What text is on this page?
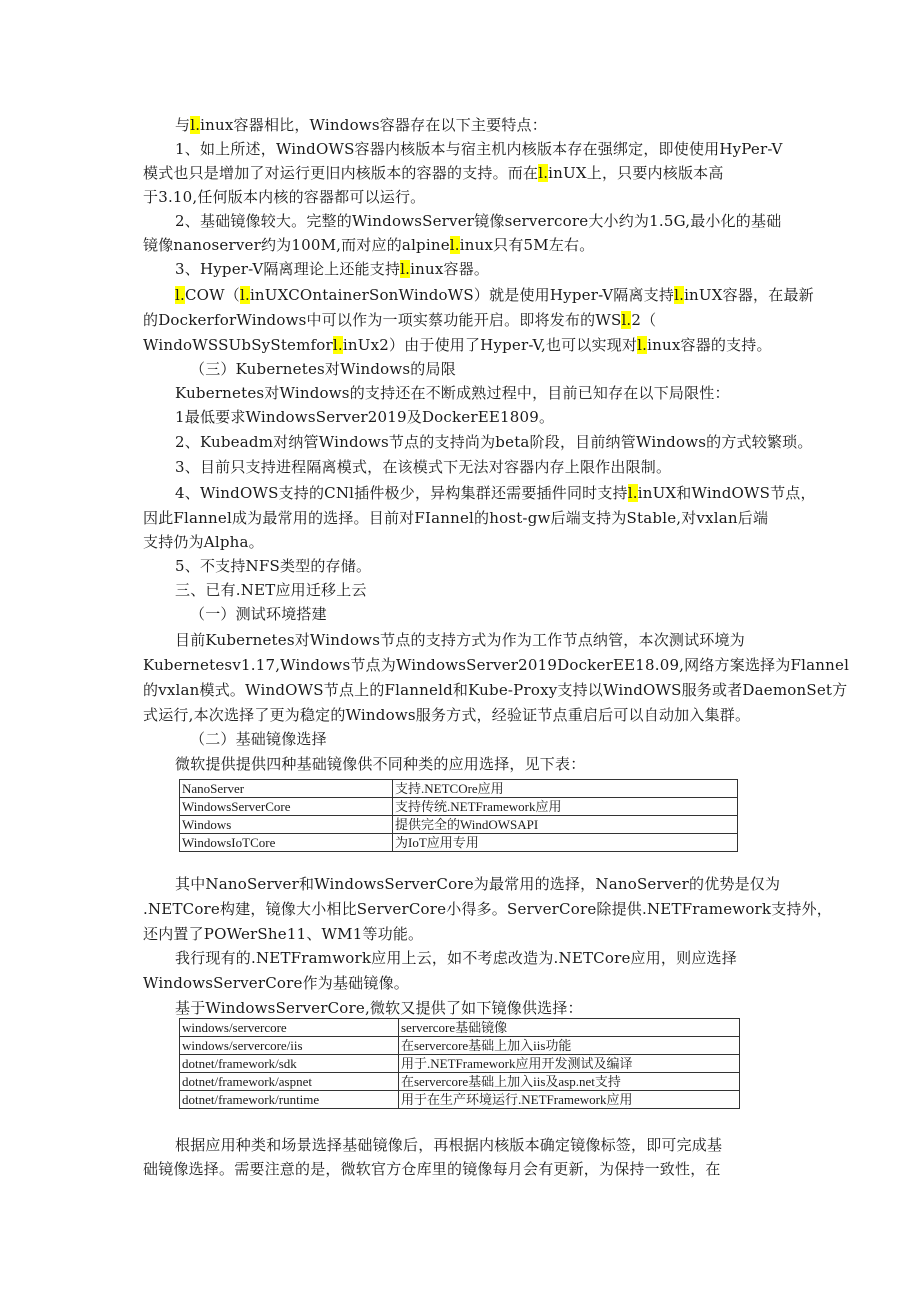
与l.inux容器相比，Windows容器存在以下主要特点：
1、如上所述，WindOWS容器内核版本与宿主机内核版本存在强绑定，即使使用HyPer-V
模式也只是增加了对运行更旧内核版本的容器的支持。而在l.inUX上，只要内核版本高
于3.10,任何版本内核的容器都可以运行。
2、基础镜像较大。完整的WindowsServer镜像servercore大小约为1.5G,最小化的基础
镜像nanoserver约为100M,而对应的alpinel.inux只有5M左右。
3、Hyper-V隔离理论上还能支持l.inux容器。
l.COW（l.inUXCOntainerSonWindoWS）就是使用Hyper-V隔离支持l.inUX容器，在最新
的DockerforWindows中可以作为一项实蔡功能开启。即将发布的WSl.2（
WindoWSSUbSyStemforl.inUx2）由于使用了Hyper-V,也可以实现对l.inux容器的支持。
（三）Kubernetes对Windows的局限
Kubernetes对Windows的支持还在不断成熟过程中，目前已知存在以下局限性：
1最低要求WindowsServer2019及DockerEE1809。
2、Kubeadm对纳管Windows节点的支持尚为beta阶段，目前纳管Windows的方式较繁琐。
3、目前只支持进程隔离模式，在该模式下无法对容器内存上限作出限制。
4、WindOWS支持的CNl插件极少，异构集群还需要插件同时支持l.inUX和WindOWS节点，
因此Flannel成为最常用的选择。目前对FIannel的host-gw后端支持为Stable,对vxlan后端
支持仍为Alpha。
5、不支持NFS类型的存储。
三、已有.NET应用迁移上云
（一）测试环境搭建
目前Kubernetes对Windows节点的支持方式为作为工作节点纳管，本次测试环境为
Kubernetesv1.17,Windows节点为WindowsServer2019DockerEE18.09,网络方案选择为Flannel
的vxlan模式。WindOWS节点上的Flanneld和Kube-Proxy支持以WindOWS服务或者DaemonSet方
式运行,本次选择了更为稳定的Windows服务方式，经验证节点重启后可以自动加入集群。
（二）基础镜像选择
微软提供提供四种基础镜像供不同种类的应用选择，见下表：
NanoServer	支持.NETCOre应用
WindowsServerCore	支持传统.NETFramework应用
Windows	提供完全的WindOWSAPI
WindowsIoTCore	为IoT应用专用
其中NanoServer和WindowsServerCore为最常用的选择，NanoServer的优势是仅为
.NETCore构建，镜像大小相比ServerCore小得多。ServerCore除提供.NETFramework支持外，
还内置了POWerShe11、WM1等功能。
我行现有的.NETFramwork应用上云，如不考虑改造为.NETCore应用，则应选择
WindowsServerCore作为基础镜像。
基于WindowsServerCore,微软又提供了如下镜像供选择：
windows/servercore	servercore基础镜像
windows/servercore/iis	在servercore基础上加入iis功能
dotnet/framework/sdk	用于.NETFramework应用开发测试及编译
dotnet/framework/aspnet	在servercore基础上加入iis及asp.net支持
dotnet/framework/runtime	用于在生产环境运行.NETFramework应用
根据应用种类和场景选择基础镜像后，再根据内核版本确定镜像标签，即可完成基
础镜像选择。需要注意的是，微软官方仓库里的镜像每月会有更新，为保持一致性，在
